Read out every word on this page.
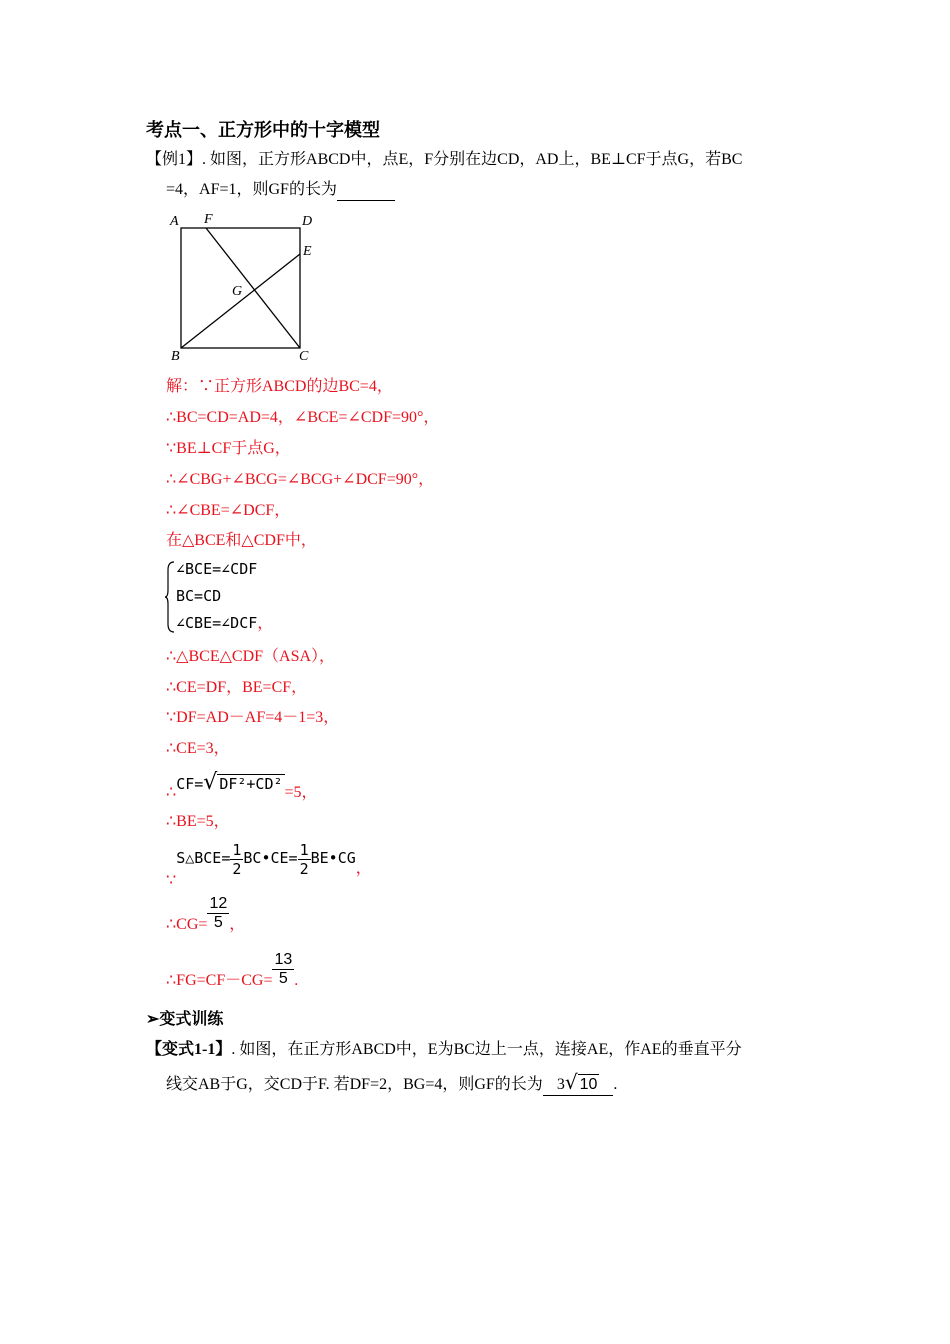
考点一、正方形中的十字模型
【例1】. 如图，正方形ABCD中，点E，F分别在边CD，AD上，BE⊥CF于点G，若BC
=4，AF=1，则GF的长为
A F	D
E
G
B	C
解：∵正方形ABCD的边BC=4，
∴BC=CD=AD=4，∠BCE=∠CDF=90°，
∵BE⊥CF于点G，
∴∠CBG+∠BCG=∠BCG+∠DCF=90°，
∴∠CBE=∠DCF，
在△BCE和△CDF中，
∠BCE=∠CDF
BC=CD
∠CBE=∠DCF，
∴△BCE△CDF（ASA），
∴CE=DF，BE=CF，
∵DF=AD－AF=4－1=3，
∴CE=3，
∴CF=√ DF²+CD² =5，
∴BE=5，
∵S△BCE= $\frac{1}{2}$ BC•CE= $\frac{1}{2}$ BE•CG，
∴CG= $\frac{12}{5}$ ，
∴FG=CF－CG= $\frac{13}{5}$ .
➢变式训练
【变式1-1】. 如图，在正方形ABCD中，E为BC边上一点，连接AE，作AE的垂直平分
线交AB于G，交CD于F. 若DF=2，BG=4，则GF的长为 3√ 10 .
